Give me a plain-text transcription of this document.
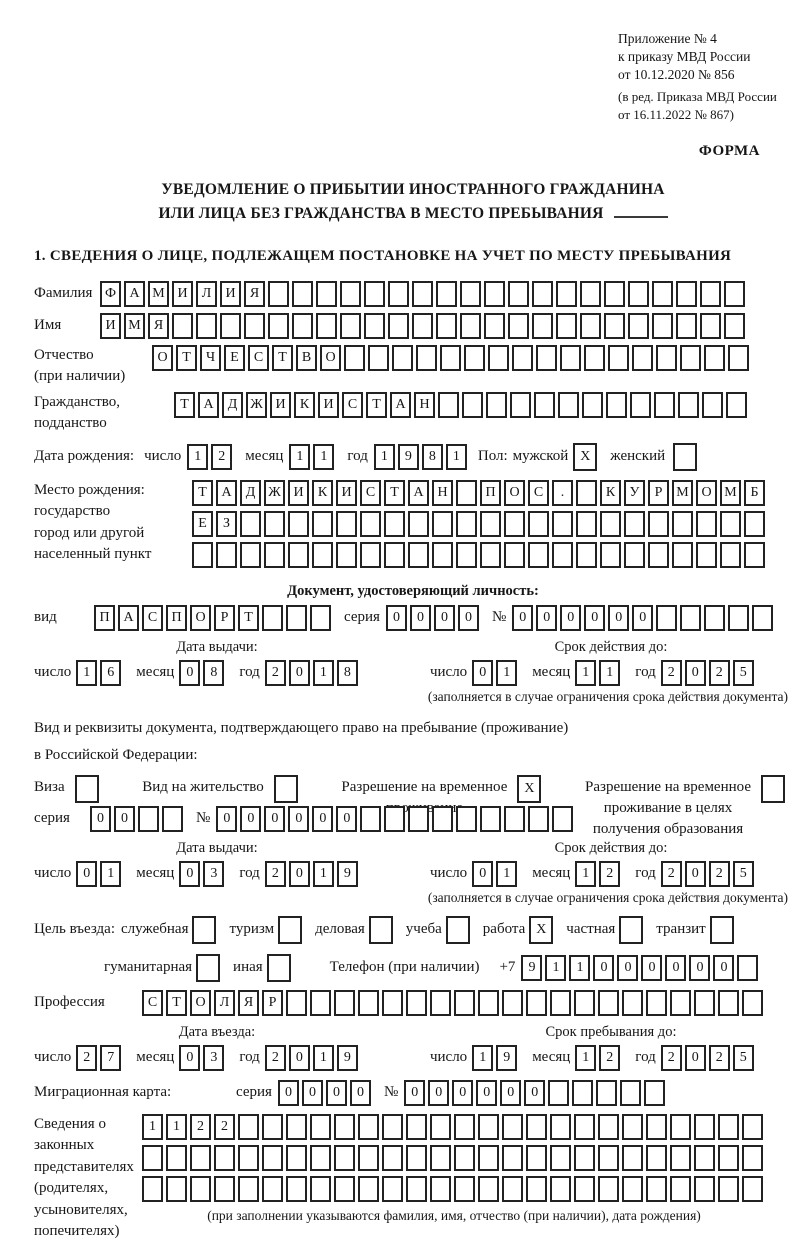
Приложение № 4
к приказу МВД России
от 10.12.2020 № 856
(в ред. Приказа МВД России
от 16.11.2022 № 867)
ФОРМА
УВЕДОМЛЕНИЕ О ПРИБЫТИИ ИНОСТРАННОГО ГРАЖДАНИНА
ИЛИ ЛИЦА БЕЗ ГРАЖДАНСТВА В МЕСТО ПРЕБЫВАНИЯ
1. СВЕДЕНИЯ О ЛИЦЕ, ПОДЛЕЖАЩЕМ ПОСТАНОВКЕ НА УЧЕТ ПО МЕСТУ ПРЕБЫВАНИЯ
Фамилия Ф А М И	Л	И	Я
Имя	И М Я
Отчество
(при наличии)
О	Т	Ч	Е	С	Т	В	О
Гражданство,
подданство
Т	А	Д Ж И	К	И	С	Т	А Н
Дата рождения: число 1	2	месяц 1	1	год 1	9	8	1	Пол: мужской X	женский
Место рождения:
государство
город или другой
населенный пункт
Т	А	Д Ж И	К	И	С	Т	А Н	П О	С	.	К	У	Р М О М Б
Е	З
Документ, удостоверяющий личность:
вид	П А	С	П О	Р	Т	серия 0	0	0	0	№ 0	0	0	0	0	0
Дата выдачи:
число 1	6	месяц 0	8	год 2	0	1	8
Срок действия до:
число 0	1	месяц 1	1	год 2	0	2	5
(заполняется в случае ограничения срока действия документа)
Вид и реквизиты документа, подтверждающего право на пребывание (проживание)
в Российской Федерации:
Виза	Вид на жительство	Разрешение на временное	X	Разрешение на временное
проживание в целях
получения образования
серия	0	0	№ 0	0	0	0	0	0
Дата выдачи:
число 0	1	месяц 0	3	год 2	0	1	9
Срок действия до:
число 0	1	месяц 1	2	год 2	0	2	5
(заполняется в случае ограничения срока действия документа)
Цель въезда: служебная	туризм	деловая	учеба	работа X	частная	транзит
гуманитарная	иная	Телефон (при наличии) +7 9	1	1	0	0	0	0	0	0
Профессия	С	Т	О	Л	Я	Р
Дата въезда:
число 2	7	месяц 0	3	год 2	0	1	9
Срок пребывания до:
число 1	9	месяц 1	2	год 2	0	2	5
Миграционная карта:	серия 0	0	0	0	№ 0	0	0	0	0	0
Сведения о
законных
представителях
(родителях,
усыновителях,
попечителях)
1	1	2	2
(при заполнении указываются фамилия, имя, отчество (при наличии), дата рождения)
